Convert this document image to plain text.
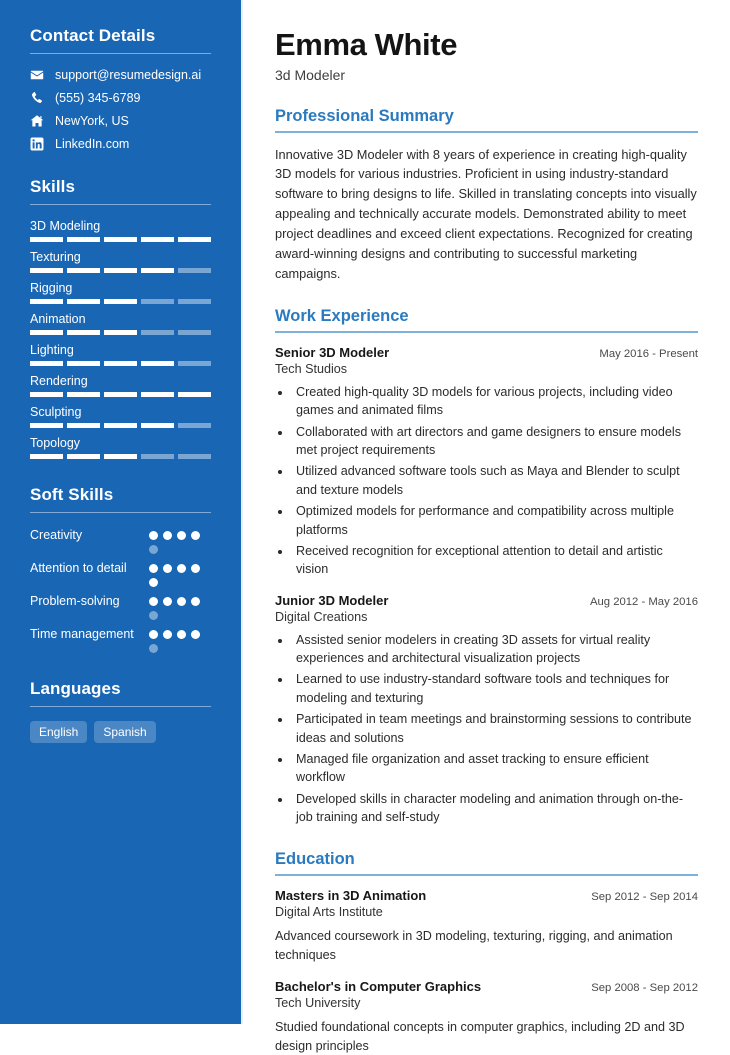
Contact Details
support@resumedesign.ai
(555) 345-6789
NewYork, US
LinkedIn.com
Skills
3D Modeling
Texturing
Rigging
Animation
Lighting
Rendering
Sculpting
Topology
Soft Skills
Creativity
Attention to detail
Problem-solving
Time management
Languages
English	Spanish
Emma White
3d Modeler
Professional Summary

Innovative 3D Modeler with 8 years of experience in creating high-quality 3D models for various industries. Proficient in using industry-standard software to bring designs to life. Skilled in translating concepts into visually appealing and technically accurate models. Demonstrated ability to meet project deadlines and exceed client expectations. Recognized for creating award-winning designs and contributing to successful marketing campaigns.

Work Experience
Senior 3D Modeler	May 2016 - Present
Tech Studios
• Created high-quality 3D models for various projects, including video games and animated films
• Collaborated with art directors and game designers to ensure models met project requirements
• Utilized advanced software tools such as Maya and Blender to sculpt and texture models
• Optimized models for performance and compatibility across multiple platforms
• Received recognition for exceptional attention to detail and artistic vision
Junior 3D Modeler	Aug 2012 - May 2016
Digital Creations
• Assisted senior modelers in creating 3D assets for virtual reality experiences and architectural visualization projects
• Learned to use industry-standard software tools and techniques for modeling and texturing
• Participated in team meetings and brainstorming sessions to contribute ideas and solutions
• Managed file organization and asset tracking to ensure efficient workflow
• Developed skills in character modeling and animation through on-the-job training and self-study
Education
Masters in 3D Animation	Sep 2012 - Sep 2014
Digital Arts Institute
Advanced coursework in 3D modeling, texturing, rigging, and animation techniques
Bachelor's in Computer Graphics	Sep 2008 - Sep 2012
Tech University
Studied foundational concepts in computer graphics, including 2D and 3D design principles
